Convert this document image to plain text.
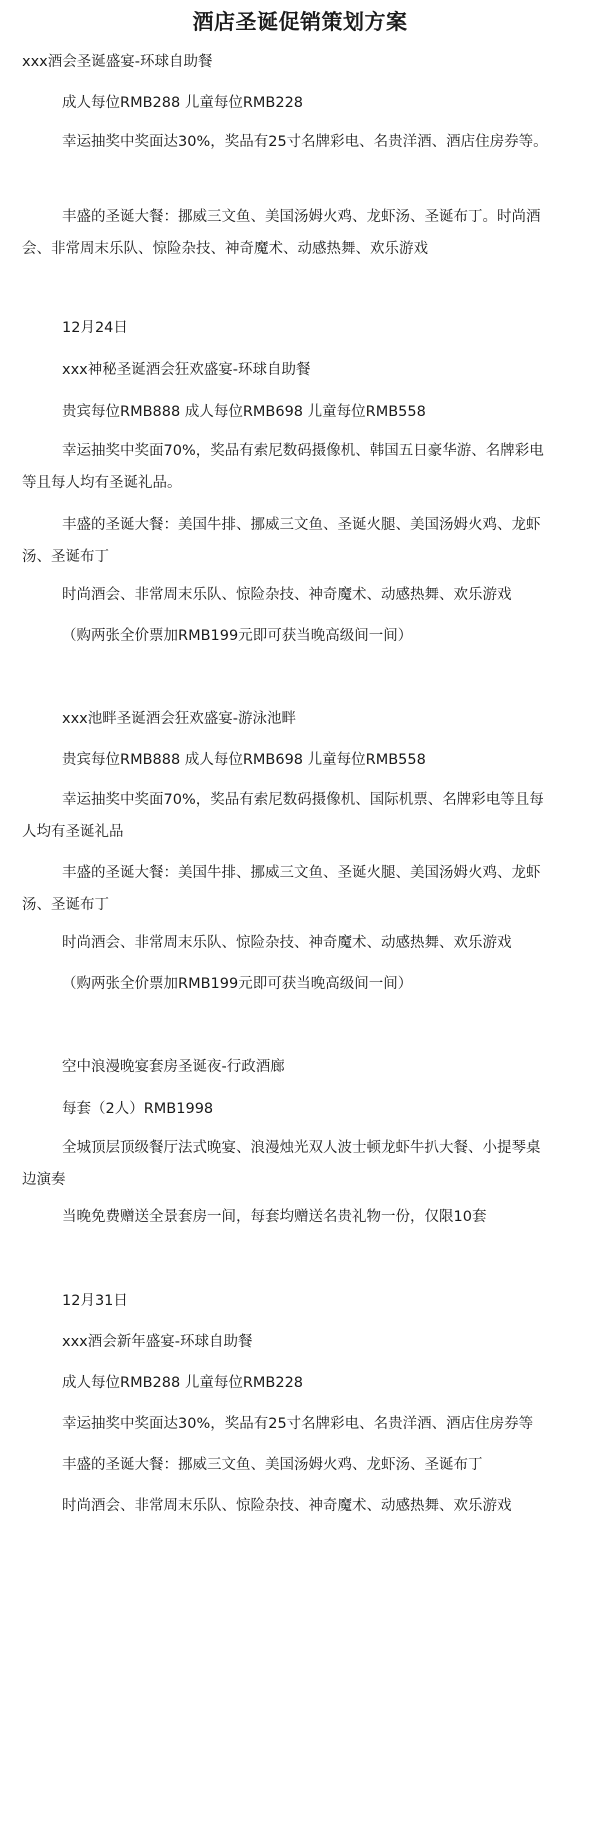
酒店圣诞促销策划方案
xxx酒会圣诞盛宴-环球自助餐
成人每位RMB288 儿童每位RMB228
幸运抽奖中奖面达30%，奖品有25寸名牌彩电、名贵洋酒、酒店住房券等。
丰盛的圣诞大餐：挪威三文鱼、美国汤姆火鸡、龙虾汤、圣诞布丁。时尚酒会、非常周末乐队、惊险杂技、神奇魔术、动感热舞、欢乐游戏
12月24日
xxx神秘圣诞酒会狂欢盛宴-环球自助餐
贵宾每位RMB888 成人每位RMB698 儿童每位RMB558
幸运抽奖中奖面70%，奖品有索尼数码摄像机、韩国五日豪华游、名牌彩电等且每人均有圣诞礼品。
丰盛的圣诞大餐：美国牛排、挪威三文鱼、圣诞火腿、美国汤姆火鸡、龙虾汤、圣诞布丁
时尚酒会、非常周末乐队、惊险杂技、神奇魔术、动感热舞、欢乐游戏
（购两张全价票加RMB199元即可获当晚高级间一间）
xxx池畔圣诞酒会狂欢盛宴-游泳池畔
贵宾每位RMB888 成人每位RMB698 儿童每位RMB558
幸运抽奖中奖面70%，奖品有索尼数码摄像机、国际机票、名牌彩电等且每人均有圣诞礼品
丰盛的圣诞大餐：美国牛排、挪威三文鱼、圣诞火腿、美国汤姆火鸡、龙虾汤、圣诞布丁
时尚酒会、非常周末乐队、惊险杂技、神奇魔术、动感热舞、欢乐游戏
（购两张全价票加RMB199元即可获当晚高级间一间）
空中浪漫晚宴套房圣诞夜-行政酒廊
每套（2人）RMB1998
全城顶层顶级餐厅法式晚宴、浪漫烛光双人波士顿龙虾牛扒大餐、小提琴桌边演奏
当晚免费赠送全景套房一间，每套均赠送名贵礼物一份，仅限10套
12月31日
xxx酒会新年盛宴-环球自助餐
成人每位RMB288 儿童每位RMB228
幸运抽奖中奖面达30%，奖品有25寸名牌彩电、名贵洋酒、酒店住房券等
丰盛的圣诞大餐：挪威三文鱼、美国汤姆火鸡、龙虾汤、圣诞布丁
时尚酒会、非常周末乐队、惊险杂技、神奇魔术、动感热舞、欢乐游戏
